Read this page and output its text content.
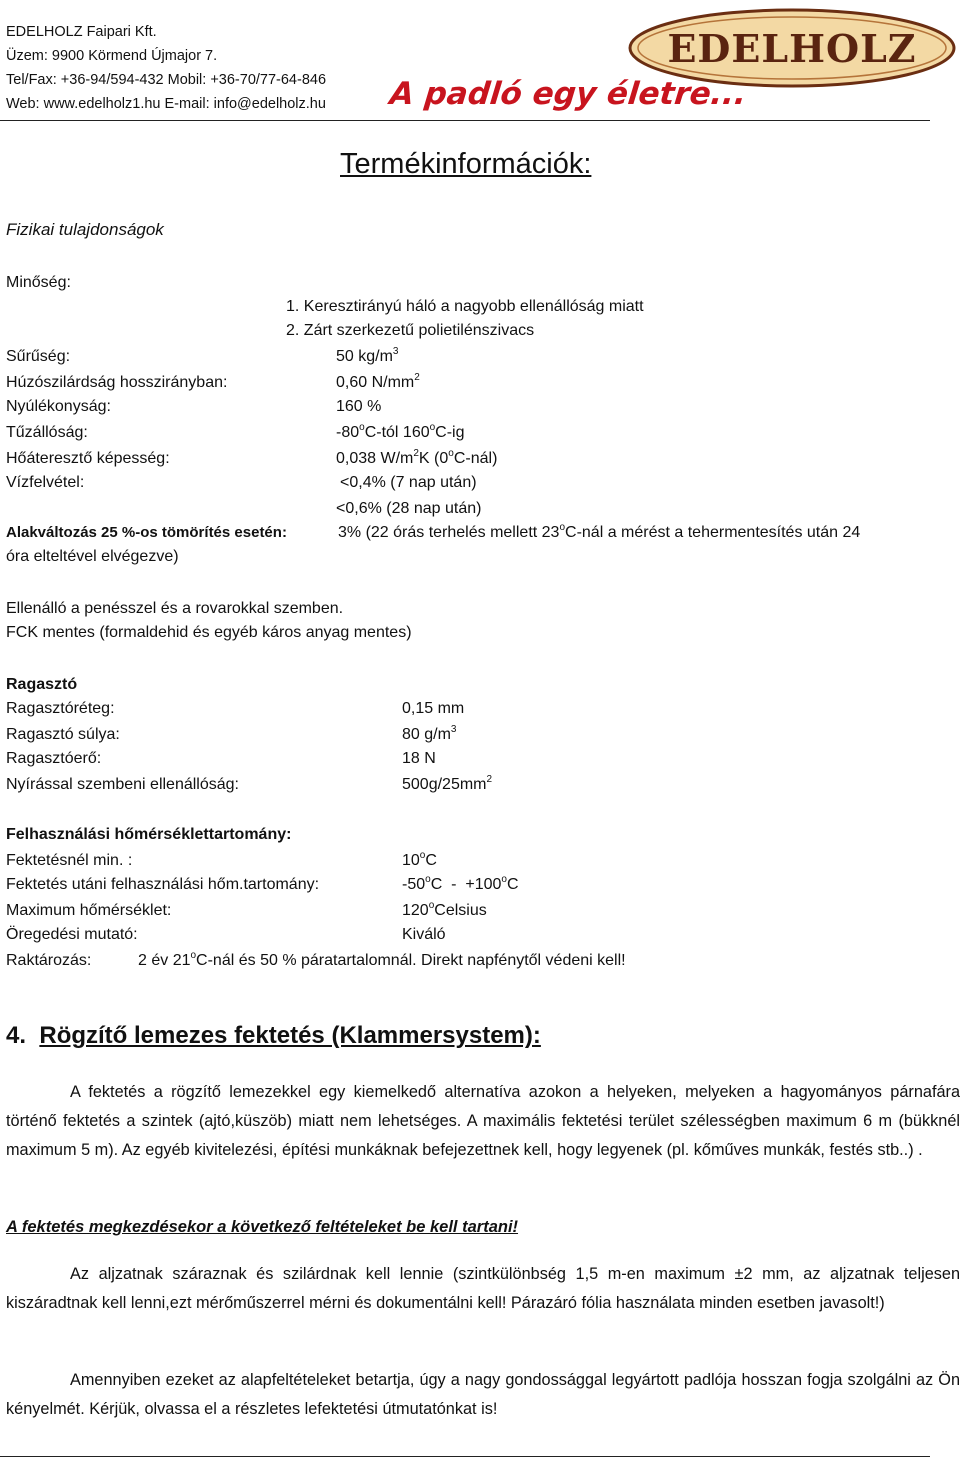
EDELHOLZ Faipari Kft.
Üzem: 9900 Körmend Újmajor 7.
Tel/Fax: +36-94/594-432 Mobil: +36-70/77-64-846
Web: www.edelholz1.hu E-mail: info@edelholz.hu
EDELHOLZ
A padló egy életre...
Termékinformációk:
Fizikai tulajdonságok
Minőség:
1. Keresztirányú háló a nagyobb ellenállóság miatt
2. Zárt szerkezetű polietilénszivacs
Sűrűség:	50 $kg/m^3$
Húzószilárdság hosszirányban:	0,60 $N/mm^2$
Nyúlékonyság:	160 %
Tűzállóság:	-80$^o$C-tól 160$^o$C-ig
Hőáteresztő képesség:	0,038 $W/m^2K$ (0$^o$C-nál)
Vízfelvétel:	<0,4% (7 nap után)
<0,6% (28 nap után)
Alakváltozás 25 %-os tömörítés esetén:	3% (22 órás terhelés mellett 23$^o$C-nál a mérést a tehermentesítés után 24
óra elteltével elvégezve)
Ellenálló a penésszel és a rovarokkal szemben.
FCK mentes (formaldehid és egyéb káros anyag mentes)
Ragasztó
Ragasztóréteg:	0,15 mm
Ragasztó súlya:	80 $g/m^3$
Ragasztóerő:	18 N
Nyírással szembeni ellenállóság:	$500g/25mm^2$
Felhasználási hőmérséklettartomány:
Fektetésnél min. :	10$^o$C
Fektetés utáni felhasználási hőm.tartomány:	$-50^oC - +100^oC$
Maximum hőmérséklet:	120$^o$Celsius
Öregedési mutató:	Kiváló
Raktározás:	2 év 21$^o$C-nál és 50 % páratartalomnál. Direkt napfénytől védeni kell!
4. Rögzítő lemezes fektetés (Klammersystem):
A fektetés a rögzítő lemezekkel egy kiemelkedő alternatíva azokon a helyeken, melyeken a hagyományos párnafára történő fektetés a szintek (ajtó,küszöb) miatt nem lehetséges. A maximális fektetési terület szélességben maximum 6 m (bükknél maximum 5 m). Az egyéb kivitelezési, építési munkáknak befejezettnek kell, hogy legyenek (pl. kőműves munkák, festés stb..) .
A fektetés megkezdésekor a következő feltételeket be kell tartani!
Az aljzatnak száraznak és szilárdnak kell lennie (szintkülönbség 1,5 m-en maximum ±2 mm, az aljzatnak teljesen kiszáradtnak kell lenni,ezt mérőműszerrel mérni és dokumentálni kell! Párazáró fólia használata minden esetben javasolt!)
Amennyiben ezeket az alapfeltételeket betartja, úgy a nagy gondossággal legyártott padlója hosszan fogja szolgálni az Ön kényelmét. Kérjük, olvassa el a részletes lefektetési útmutatónkat is!
